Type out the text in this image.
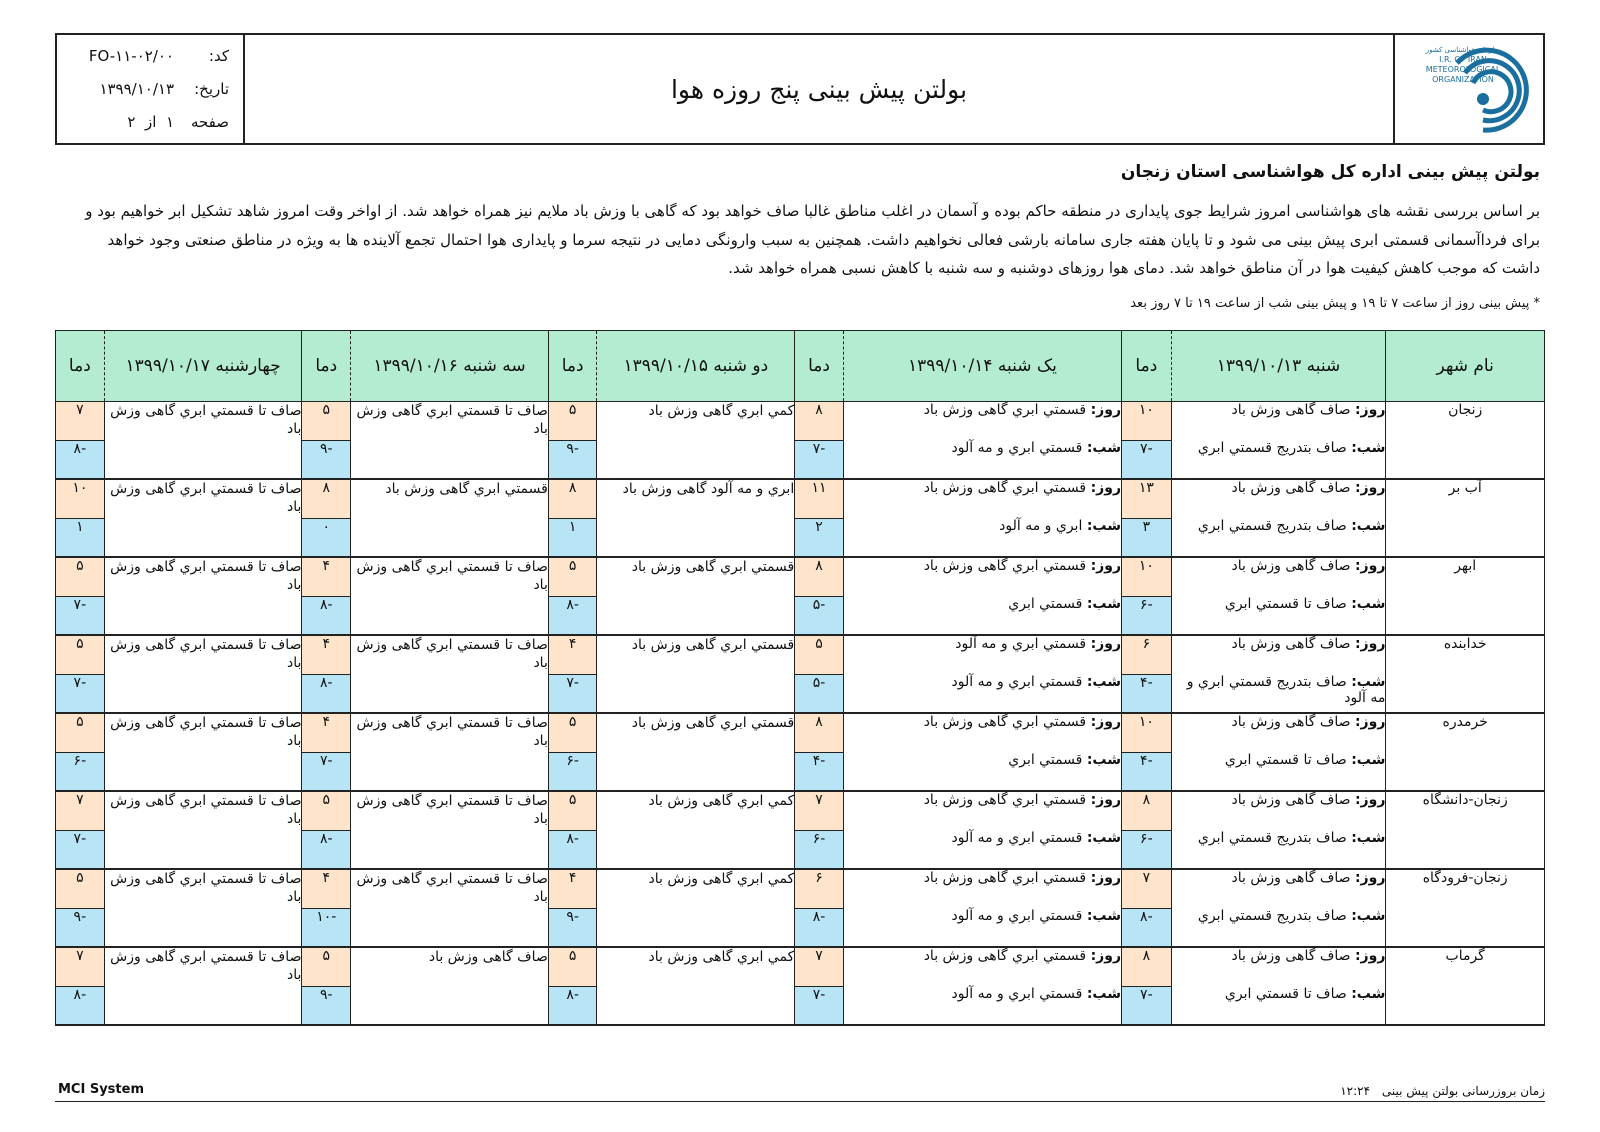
کد:
FO-۱۱-۰۲/۰۰
تاریخ:
۱۳۹۹/۱۰/۱۳
صفحه
۱  از  ۲
بولتن پیش بینی پنج روزه هوا
سازمان هواشناسی کشور
I.R. OF IRAN
METEOROLOGICAL
ORGANIZATION
بولتن پیش بینی اداره کل هواشناسی استان زنجان
بر اساس بررسی نقشه های هواشناسی امروز شرایط جوی پایداری در منطقه حاکم بوده و آسمان در اغلب مناطق غالبا صاف خواهد بود که گاهی با وزش باد ملایم نیز همراه خواهد شد. از اواخر وقت امروز شاهد تشکیل ابر خواهیم بود و برای فرداآسمانی قسمتی ابری پیش بینی می شود و تا پایان هفته جاری سامانه بارشی فعالی نخواهیم داشت. همچنین به سبب وارونگی دمایی در نتیجه سرما و پایداری هوا احتمال تجمع آلاینده ها به ویژه در مناطق صنعتی وجود خواهد داشت که موجب کاهش کیفیت هوا در آن مناطق خواهد شد. دمای هوا روزهای دوشنبه و سه شنبه با کاهش نسبی همراه خواهد شد.
* پیش بینی روز از ساعت ۷ تا ۱۹ و پیش بینی شب از ساعت ۱۹ تا ۷ روز بعد
نام شهر	شنبه ۱۳۹۹/۱۰/۱۳	دما	یک شنبه ۱۳۹۹/۱۰/۱۴	دما	دو شنبه ۱۳۹۹/۱۰/۱۵	دما	سه شنبه ۱۳۹۹/۱۰/۱۶	دما	چهارشنبه ۱۳۹۹/۱۰/۱۷	دما
زنجان	روز: صاف گاهی وزش باد	۱۰	روز: قسمتي ابري گاهی وزش باد	۸	كمي ابري گاهی وزش باد	۵	صاف تا قسمتي ابري گاهی وزش باد	۵	صاف تا قسمتي ابري گاهی وزش باد	۷
	شب: صاف بتدريج قسمتي ابري	-۷	شب: قسمتي ابري و مه آلود	-۷		-۹		-۹		-۸
آب بر	روز: صاف گاهی وزش باد	۱۳	روز: قسمتي ابري گاهی وزش باد	۱۱	ابري و مه آلود گاهی وزش باد	۸	قسمتي ابري گاهی وزش باد	۸	صاف تا قسمتي ابري گاهی وزش باد	۱۰
	شب: صاف بتدريج قسمتي ابري	۳	شب: ابري و مه آلود	۲		۱		۰		۱
ابهر	روز: صاف گاهی وزش باد	۱۰	روز: قسمتي ابري گاهی وزش باد	۸	قسمتي ابري گاهی وزش باد	۵	صاف تا قسمتي ابري گاهی وزش باد	۴	صاف تا قسمتي ابري گاهی وزش باد	۵
	شب: صاف تا قسمتي ابري	-۶	شب: قسمتي ابري	-۵		-۸		-۸		-۷
خدابنده	روز: صاف گاهی وزش باد	۶	روز: قسمتي ابري و مه آلود	۵	قسمتي ابري گاهی وزش باد	۴	صاف تا قسمتي ابري گاهی وزش باد	۴	صاف تا قسمتي ابري گاهی وزش باد	۵
	شب: صاف بتدريج قسمتي ابري و مه آلود	-۴	شب: قسمتي ابري و مه آلود	-۵		-۷		-۸		-۷
خرمدره	روز: صاف گاهی وزش باد	۱۰	روز: قسمتي ابري گاهی وزش باد	۸	قسمتي ابري گاهی وزش باد	۵	صاف تا قسمتي ابري گاهی وزش باد	۴	صاف تا قسمتي ابري گاهی وزش باد	۵
	شب: صاف تا قسمتي ابري	-۴	شب: قسمتي ابري	-۴		-۶		-۷		-۶
زنجان-دانشگاه	روز: صاف گاهی وزش باد	۸	روز: قسمتي ابري گاهی وزش باد	۷	كمي ابري گاهی وزش باد	۵	صاف تا قسمتي ابري گاهی وزش باد	۵	صاف تا قسمتي ابري گاهی وزش باد	۷
	شب: صاف بتدريج قسمتي ابري	-۶	شب: قسمتي ابري و مه آلود	-۶		-۸		-۸		-۷
زنجان-فرودگاه	روز: صاف گاهی وزش باد	۷	روز: قسمتي ابري گاهی وزش باد	۶	كمي ابري گاهی وزش باد	۴	صاف تا قسمتي ابري گاهی وزش باد	۴	صاف تا قسمتي ابري گاهی وزش باد	۵
	شب: صاف بتدريج قسمتي ابري	-۸	شب: قسمتي ابري و مه آلود	-۸		-۹		-۱۰		-۹
گرماب	روز: صاف گاهی وزش باد	۸	روز: قسمتي ابري گاهی وزش باد	۷	كمي ابري گاهی وزش باد	۵	صاف گاهی وزش باد	۵	صاف تا قسمتي ابري گاهی وزش باد	۷
	شب: صاف تا قسمتي ابري	-۷	شب: قسمتي ابري و مه آلود	-۷		-۸		-۹		-۸
MCI System	زمان بروزرسانی بولتن پیش بینی ۱۲:۲۴
